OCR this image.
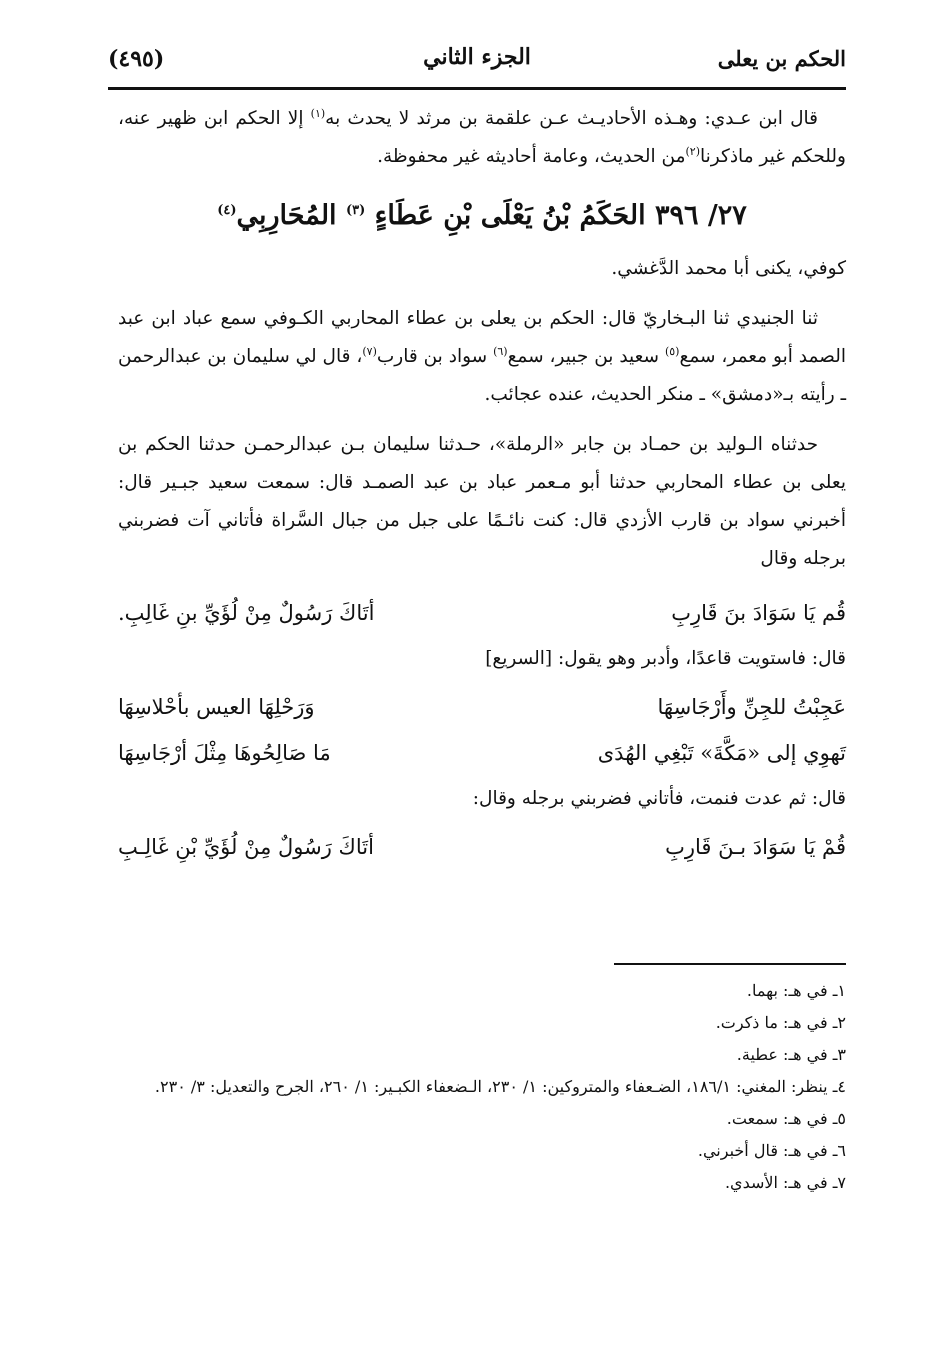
(٤٩٥)	الجزء الثاني	الحكم بن يعلى

قال ابن عـدي: وهـذه الأحاديـث عـن علقمة بن مرثد لا يحدث به$^{(١)}$ إلا الحكم ابن ظهير عنه، وللحكم غير ماذكرنا$^{(٢)}$من الحديث، وعامة أحاديثه غير محفوظة.

٢٧/ ٣٩٦ الحَكَمُ بْنُ يَعْلَى بْنِ عَطَاءٍ $^{(٣)}$ المُحَارِبِي$^{(٤)}$

كوفي، يكنى أبا محمد الدَّغشي.

ثنا الجنيدي ثنا البـخاريّ قال: الحكم بن يعلى بن عطاء المحاربي الكـوفي سمع عباد ابن عبد الصمد أبو معمر، سمع$^{(٥)}$ سعيد بن جبير، سمع$^{(٦)}$ سواد بن قارب$^{(٧)}$، قال لي سليمان بن عبدالرحمن ـ رأيته بـ«دمشق» ـ منكر الحديث، عنده عجائب.

حدثناه الـوليد بن حمـاد بن جابر «الرملة»، حـدثنا سليمان بـن عبدالرحمـن حدثنا الحكم بن يعلى بن عطاء المحاربي حدثنا أبو مـعمر عباد بن عبد الصمـد قال: سمعت سعيد جبـير قال: أخبرني سواد بن قارب الأزدي قال: كنت نائـمًا على جبل من جبال السَّراة فأتاني آت فضربني برجله وقال

قُم يَا سَوَادَ بنَ قَارِبِ
أتَاكَ رَسُولٌ مِنْ لُؤَيِّ بنِ غَالِبِ.
قال: فاستويت قاعدًا، وأدبر وهو يقول: [السريع]
عَجِبْتُ للجِنِّ وأَرْجَاسِهَا
وَرَحْلِهَا العيس بأحْلاسِهَا
تَهوِي إلى «مَكَّةَ» تَبْغِي الهُدَى
مَا صَالِحُوهَا مِثْلَ أرْجَاسِهَا
قال: ثم عدت فنمت، فأتاني فضربني برجله وقال:
قُمْ يَا سَوَادَ بـنَ قَارِبِ
أتَاكَ رَسُولٌ مِنْ لُؤَيِّ بْنِ غَالِـبِ

١ـ في هـ: بهما.

٢ـ في هـ: ما ذكرت.

٣ـ في هـ: عطية.

٤ـ ينظر: المغني: ١٨٦/١، الضـعفاء والمتروكين: ١/ ٢٣٠، الـضعفاء الكبـير: ١/ ٢٦٠، الجرح والتعديل: ٣/ ٢٣٠.

٥ـ في هـ: سمعت.

٦ـ في هـ: قال أخبرني.

٧ـ في هـ: الأسدي.
